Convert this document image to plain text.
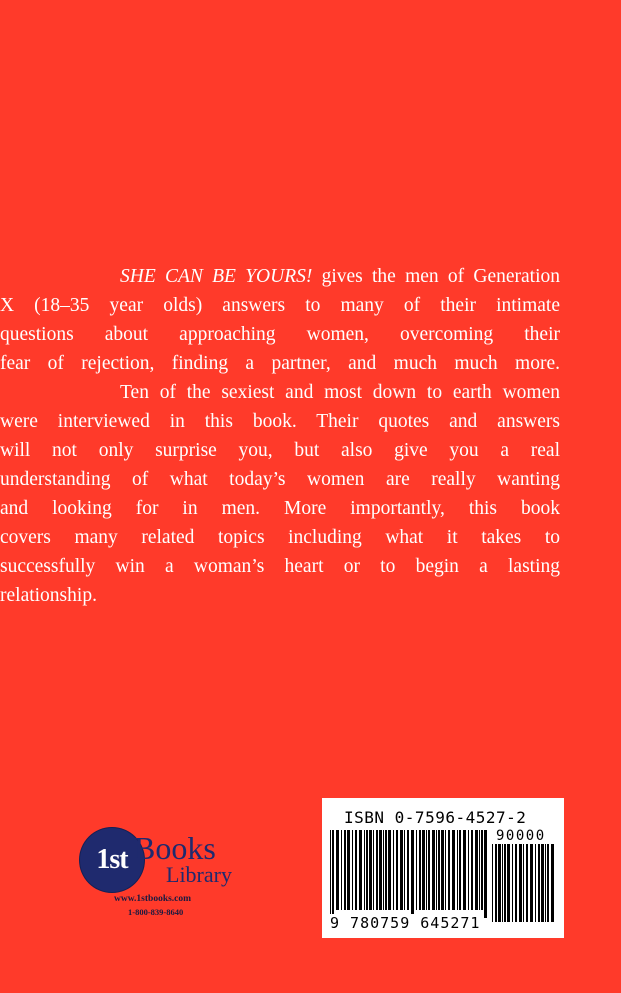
SHE CAN BE YOURS! gives the men of Generation
X (18–35 year olds) answers to many of their intimate
questions about approaching women, overcoming their
fear of rejection, finding a partner, and much much more.
Ten of the sexiest and most down to earth women
were interviewed in this book. Their quotes and answers
will not only surprise you, but also give you a real
understanding of what today’s women are really wanting
and looking for in men. More importantly, this book
covers many related topics including what it takes to
successfully win a woman’s heart or to begin a lasting
relationship.
1st Books
Library
www.1stbooks.com
1-800-839-8640
ISBN 0-7596-4527-2
90000
9 780759 645271
